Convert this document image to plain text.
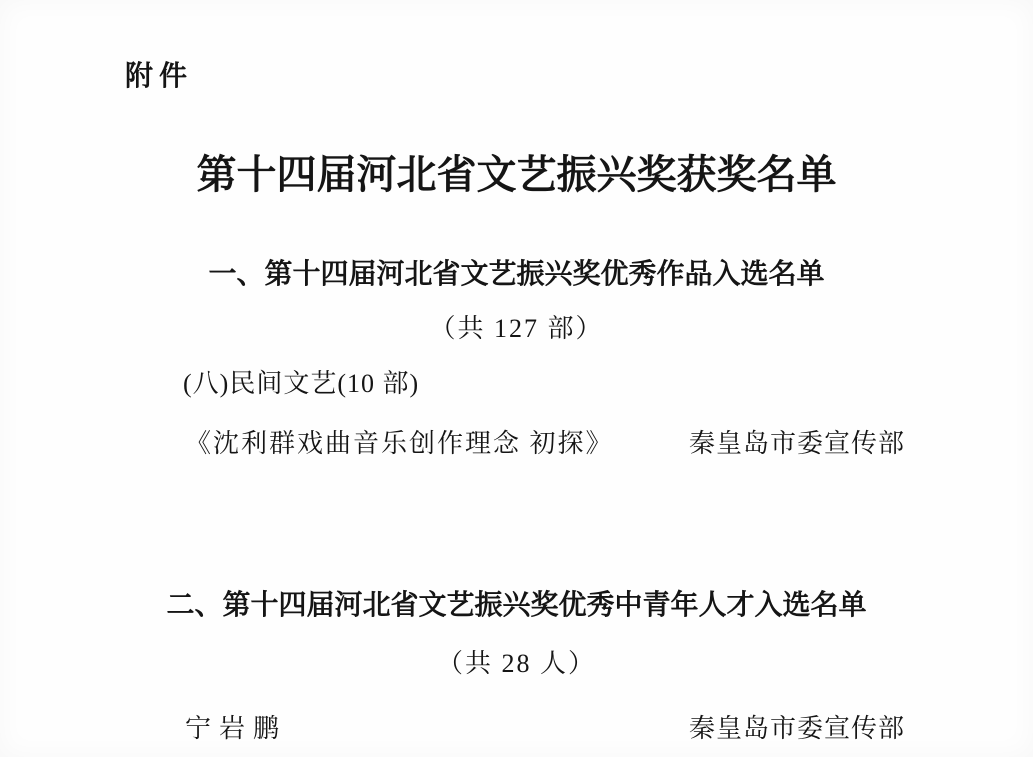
附件
第十四届河北省文艺振兴奖获奖名单
一、第十四届河北省文艺振兴奖优秀作品入选名单
（共 127 部）
(八)民间文艺(10 部)
《沈利群戏曲音乐创作理念 初探》	秦皇岛市委宣传部
二、第十四届河北省文艺振兴奖优秀中青年人才入选名单
（共 28 人）
宁岩鹏	秦皇岛市委宣传部
